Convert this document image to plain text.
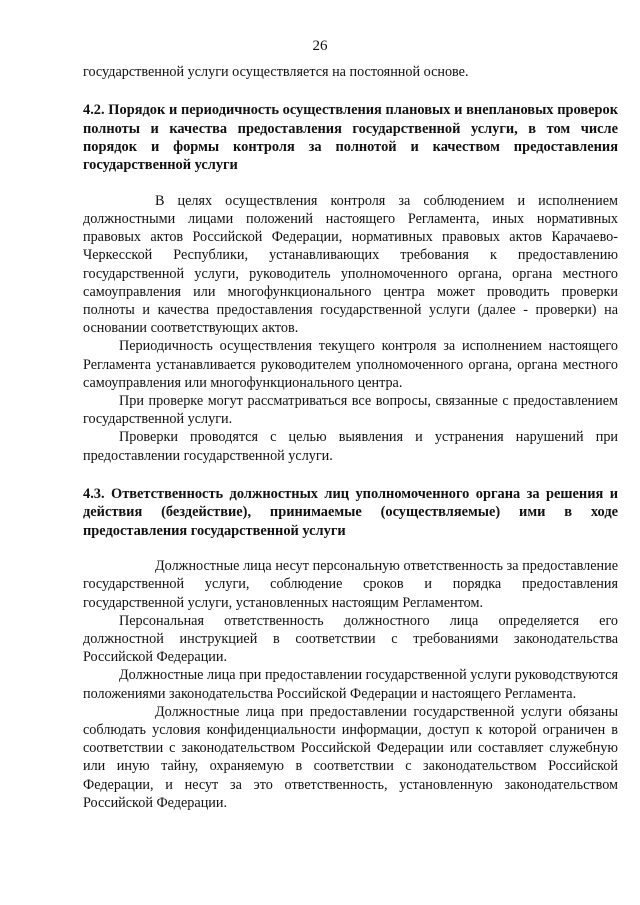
26

государственной услуги осуществляется на постоянной основе.

4.2. Порядок и периодичность осуществления плановых и внеплановых проверок полноты и качества предоставления государственной услуги, в том числе порядок и формы контроля за полнотой и качеством предоставления государственной услуги

В целях осуществления контроля за соблюдением и исполнением должностными лицами положений настоящего Регламента, иных нормативных правовых актов Российской Федерации, нормативных правовых актов Карачаево-Черкесской Республики, устанавливающих требования к предоставлению государственной услуги, руководитель уполномоченного органа, органа местного самоуправления или многофункционального центра может проводить проверки полноты и качества предоставления государственной услуги (далее - проверки) на основании соответствующих актов.

Периодичность осуществления текущего контроля за исполнением настоящего Регламента устанавливается руководителем уполномоченного органа, органа местного самоуправления или многофункционального центра.

При проверке могут рассматриваться все вопросы, связанные с предоставлением государственной услуги.

Проверки проводятся с целью выявления и устранения нарушений при предоставлении государственной услуги.

4.3. Ответственность должностных лиц уполномоченного органа за решения и действия (бездействие), принимаемые (осуществляемые) ими в ходе предоставления государственной услуги

Должностные лица несут персональную ответственность за предоставление государственной услуги, соблюдение сроков и порядка предоставления государственной услуги, установленных настоящим Регламентом.

Персональная ответственность должностного лица определяется его должностной инструкцией в соответствии с требованиями законодательства Российской Федерации.

Должностные лица при предоставлении государственной услуги руководствуются положениями законодательства Российской Федерации и настоящего Регламента.

Должностные лица при предоставлении государственной услуги обязаны соблюдать условия конфиденциальности информации, доступ к которой ограничен в соответствии с законодательством Российской Федерации или составляет служебную или иную тайну, охраняемую в соответствии с законодательством Российской Федерации, и несут за это ответственность, установленную законодательством Российской Федерации.
